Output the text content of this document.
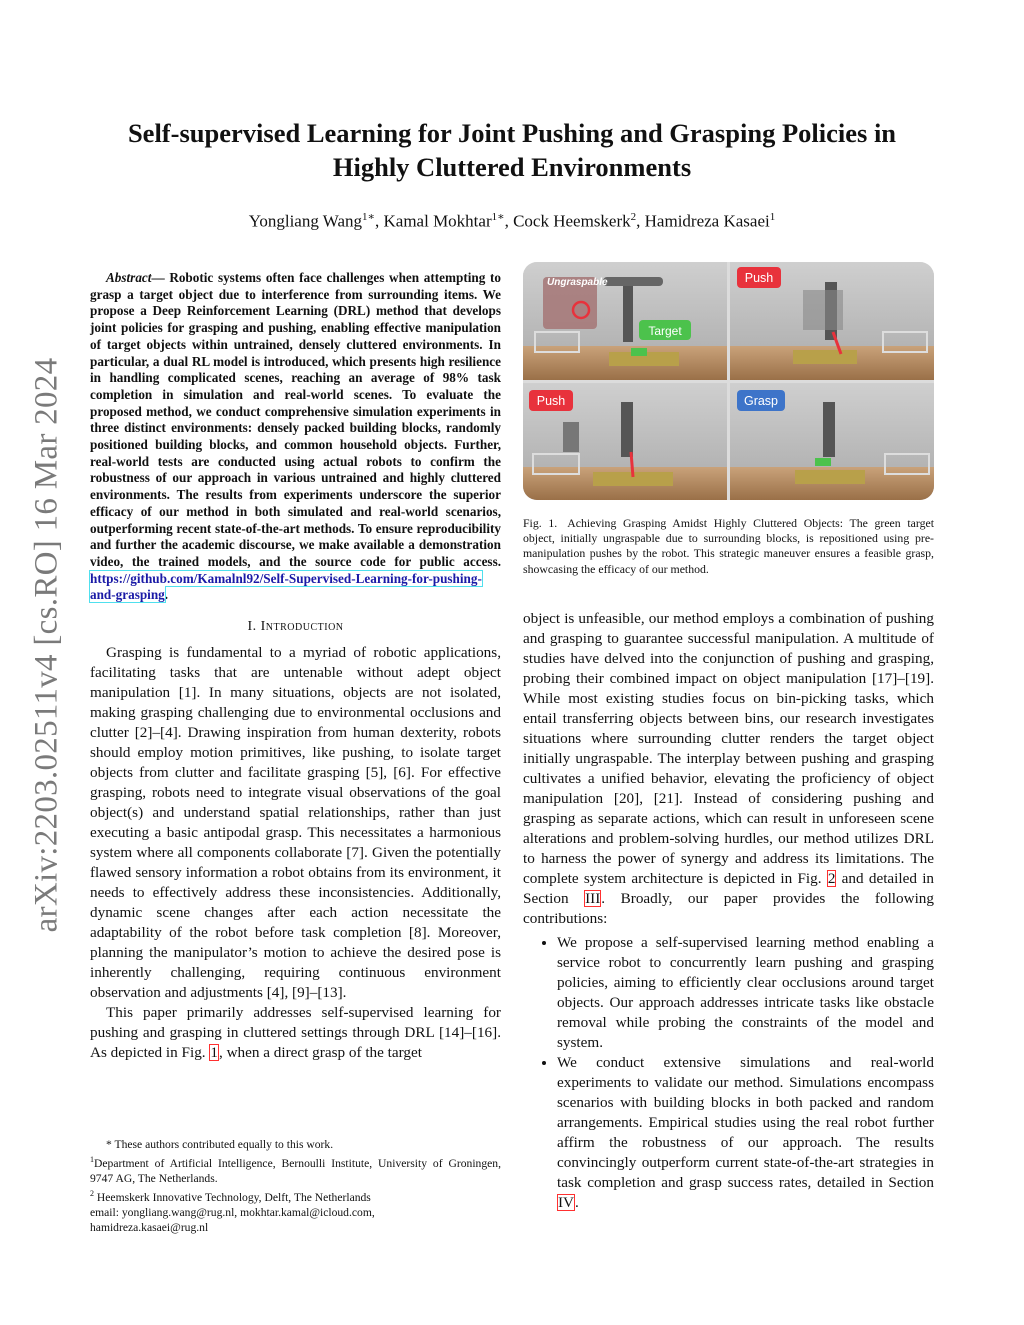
arXiv:2203.02511v4 [cs.RO] 16 Mar 2024
Self-supervised Learning for Joint Pushing and Grasping Policies in Highly Cluttered Environments

Yongliang Wang$^{1∗}$, Kamal Mokhtar$^{1∗}$, Cock Heemskerk$^2$, Hamidreza Kasaei$^1$

Abstract— Robotic systems often face challenges when attempting to grasp a target object due to interference from surrounding items. We propose a Deep Reinforcement Learning (DRL) method that develops joint policies for grasping and pushing, enabling effective manipulation of target objects within untrained, densely cluttered environments. In particular, a dual RL model is introduced, which presents high resilience in handling complicated scenes, reaching an average of 98% task completion in simulation and real-world scenes. To evaluate the proposed method, we conduct comprehensive simulation experiments in three distinct environments: densely packed building blocks, randomly positioned building blocks, and common household objects. Further, real-world tests are conducted using actual robots to confirm the robustness of our approach in various untrained and highly cluttered environments. The results from experiments underscore the superior efficacy of our method in both simulated and real-world scenarios, outperforming recent state-of-the-art methods. To ensure reproducibility and further the academic discourse, we make available a demonstration video, the trained models, and the source code for public access. https://github.com/Kamalnl92/Self-Supervised-Learning-for-pushing-and-grasping.

I. Introduction

Grasping is fundamental to a myriad of robotic applications, facilitating tasks that are untenable without adept object manipulation [1]. In many situations, objects are not isolated, making grasping challenging due to environmental occlusions and clutter [2]–[4]. Drawing inspiration from human dexterity, robots should employ motion primitives, like pushing, to isolate target objects from clutter and facilitate grasping [5], [6]. For effective grasping, robots need to integrate visual observations of the goal object(s) and understand spatial relationships, rather than just executing a basic antipodal grasp. This necessitates a harmonious system where all components collaborate [7]. Given the potentially flawed sensory information a robot obtains from its environment, it needs to effectively address these inconsistencies. Additionally, dynamic scene changes after each action necessitate the adaptability of the robot before task completion [8]. Moreover, planning the manipulator’s motion to achieve the desired pose is inherently challenging, requiring continuous environment observation and adjustments [4], [9]–[13].

This paper primarily addresses self-supervised learning for pushing and grasping in cluttered settings through DRL [14]–[16]. As depicted in Fig. 1, when a direct grasp of the target

* These authors contributed equally to this work.

$^1$Department of Artificial Intelligence, Bernoulli Institute, University of Groningen, 9747 AG, The Netherlands.

$^2$ Heemskerk Innovative Technology, Delft, The Netherlands

email: yongliang.wang@rug.nl, mokhtar.kamal@icloud.com,

hamidreza.kasaei@rug.nl

Ungraspable
Target
Push
Push	Grasp

Fig. 1. Achieving Grasping Amidst Highly Cluttered Objects: The green target object, initially ungraspable due to surrounding blocks, is repositioned using pre-manipulation pushes by the robot. This strategic maneuver ensures a feasible grasp, showcasing the efficacy of our method.

object is unfeasible, our method employs a combination of pushing and grasping to guarantee successful manipulation. A multitude of studies have delved into the conjunction of pushing and grasping, probing their combined impact on object manipulation [17]–[19]. While most existing studies focus on bin-picking tasks, which entail transferring objects between bins, our research investigates situations where surrounding clutter renders the target object initially ungraspable. The interplay between pushing and grasping cultivates a unified behavior, elevating the proficiency of object manipulation [20], [21]. Instead of considering pushing and grasping as separate actions, which can result in unforeseen scene alterations and problem-solving hurdles, our method utilizes DRL to harness the power of synergy and address its limitations. The complete system architecture is depicted in Fig. 2 and detailed in Section III. Broadly, our paper provides the following contributions:

• We propose a self-supervised learning method enabling a service robot to concurrently learn pushing and grasping policies, aiming to efficiently clear occlusions around target objects. Our approach addresses intricate tasks like obstacle removal while probing the constraints of the model and system.
• We conduct extensive simulations and real-world experiments to validate our method. Simulations encompass scenarios with building blocks in both packed and random arrangements. Empirical studies using the real robot further affirm the robustness of our approach. The results convincingly outperform current state-of-the-art strategies in task completion and grasp success rates, detailed in Section IV.
